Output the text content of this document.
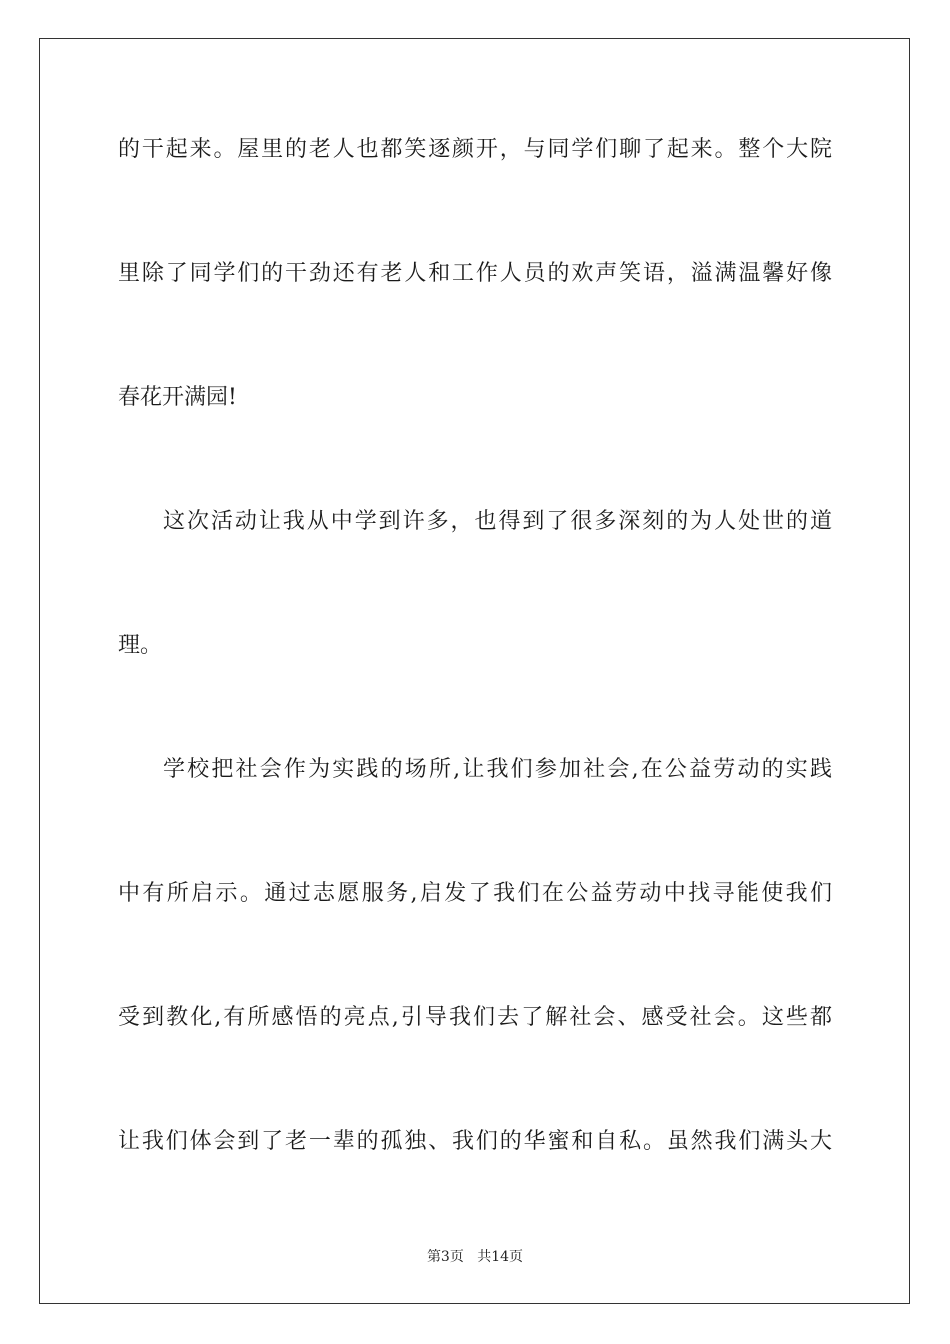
的干起来。屋里的老人也都笑逐颜开，与同学们聊了起来。整个大院
里除了同学们的干劲还有老人和工作人员的欢声笑语，溢满温馨好像
春花开满园!
这次活动让我从中学到许多，也得到了很多深刻的为人处世的道
理。
学校把社会作为实践的场所,让我们参加社会,在公益劳动的实践
中有所启示。通过志愿服务,启发了我们在公益劳动中找寻能使我们
受到教化,有所感悟的亮点,引导我们去了解社会、感受社会。这些都
让我们体会到了老一辈的孤独、我们的华蜜和自私。虽然我们满头大
第3页 共14页
